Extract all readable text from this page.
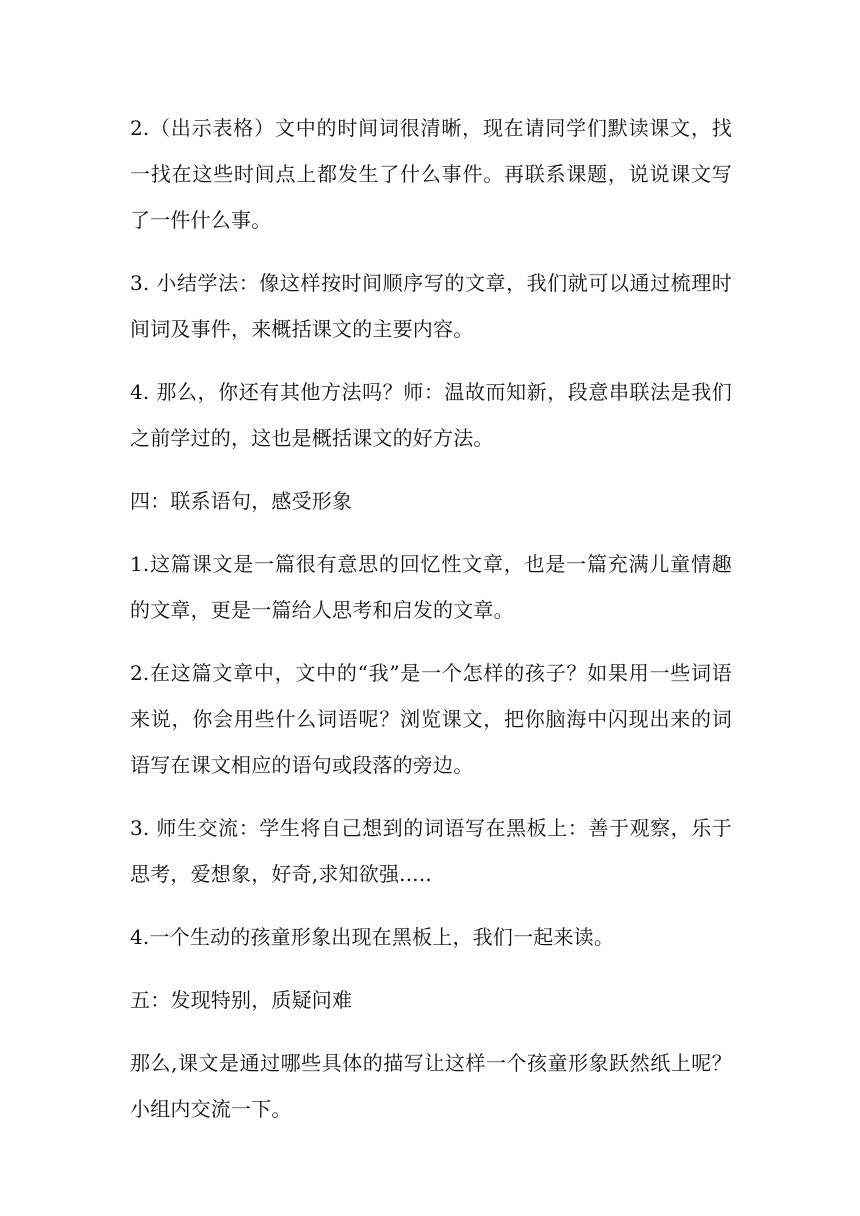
2.（出示表格）文中的时间词很清晰，现在请同学们默读课文，找一找在这些时间点上都发生了什么事件。再联系课题，说说课文写了一件什么事。

3. 小结学法：像这样按时间顺序写的文章，我们就可以通过梳理时间词及事件，来概括课文的主要内容。

4. 那么，你还有其他方法吗？师：温故而知新，段意串联法是我们之前学过的，这也是概括课文的好方法。

四：联系语句，感受形象

1.这篇课文是一篇很有意思的回忆性文章，也是一篇充满儿童情趣的文章，更是一篇给人思考和启发的文章。

2.在这篇文章中，文中的“我”是一个怎样的孩子？如果用一些词语来说，你会用些什么词语呢？浏览课文，把你脑海中闪现出来的词语写在课文相应的语句或段落的旁边。

3. 师生交流：学生将自己想到的词语写在黑板上：善于观察，乐于思考，爱想象，好奇,求知欲强.....

4.一个生动的孩童形象出现在黑板上，我们一起来读。

五：发现特别，质疑问难

那么,课文是通过哪些具体的描写让这样一个孩童形象跃然纸上呢？小组内交流一下。
